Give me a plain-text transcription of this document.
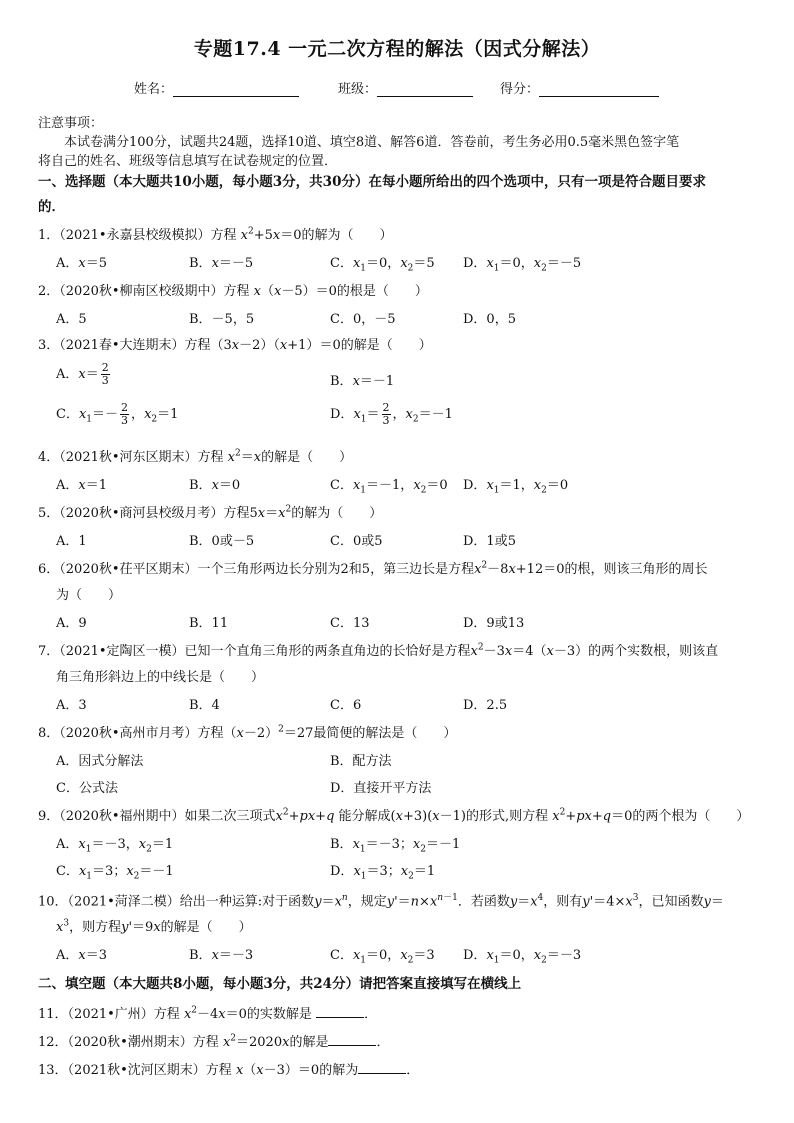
专题17.4 一元二次方程的解法（因式分解法）
姓名：	班级：	得分：
注意事项：
本试卷满分100分，试题共24题，选择10道、填空8道、解答6道．答卷前，考生务必用0.5毫米黑色签字笔
将自己的姓名、班级等信息填写在试卷规定的位置．
一、选择题（本大题共10小题，每小题3分，共30分）在每小题所给出的四个选项中，只有一项是符合题目要求
的．
1．（2021•永嘉县校级模拟）方程 $x^2+5x=0$的解为（　　）
A．x＝5	B．x＝－5	C．$x_1=0$，$x_2=5$ D．$x_1=0$，$x_2=-5$
2．（2020秋•柳南区校级期中）方程 x（x－5）＝0的根是（　　）
A．5	B．－5，5	C．0，－5	D．0，5
3．（2021春•大连期末）方程（3x－2）（x+1）＝0的解是（　　）
A．$x= \frac{2}{3}$	B．x＝－1
C．$x_1=- \frac{2}{3}$ ，$x_2=1$	D．$x_1= \frac{2}{3}$ ，$x_2=-1$
4．（2021秋•河东区期末）方程 $x^2=x$的解是（　　）
A．x＝1	B．x＝0	C．$x_1=-1$，$x_2=0$ D．$x_1=1$，$x_2=0$
5．（2020秋•商河县校级月考）方程$5x=x^2$的解为（　　）
A．1	B．0或－5	C．0或5	D．1或5
6．（2020秋•茌平区期末）一个三角形两边长分别为2和5，第三边长是方程$x^2-8x+12=0$的根，则该三角形的周长
为（　　）
A．9	B．11	C．13	D．9或13
7．（2021•定陶区一模）已知一个直角三角形的两条直角边的长恰好是方程$x^2-3x=4(x-3)$的两个实数根，则该直
角三角形斜边上的中线长是（　　）
A．3	B．4	C．6	D．2.5
8．（2020秋•高州市月考）方程$(x-2)^2=27$最简便的解法是（　　）
A．因式分解法	B．配方法
C．公式法	D．直接开平方法
9．（2020秋•福州期中）如果二次三项式$x^2+px+q$ 能分解成(x+3)(x－1)的形式,则方程 $x^2+px+q=0$的两个根为（　　）
A．$x_1=-3$，$x_2=1$	B．$x_1=-3$；$x_2=-1$
C．$x_1=3$；$x_2=-1$	D．$x_1=3$；$x_2=1$
10．（2021•菏泽二模）给出一种运算:对于函数$y=x^n$，规定$y'=n\times x^{n-1}$．若函数$y=x^4$，则有$y'=4\times x^3$，已知函数y＝
$x^3$，则方程y'＝9x的解是（　　）
A．x＝3	B．x＝－3	C．$x_1=0$，$x_2=3$ D．$x_1=0$，$x_2=-3$
二、填空题（本大题共8小题，每小题3分，共24分）请把答案直接填写在横线上
11．（2021•广州）方程 $x^2-4x=0$的实数解是	．
12．（2020秋•潮州期末）方程 $x^2=2020x$的解是	．
13．（2021秋•沈河区期末）方程 x（x－3）＝0的解为	．
